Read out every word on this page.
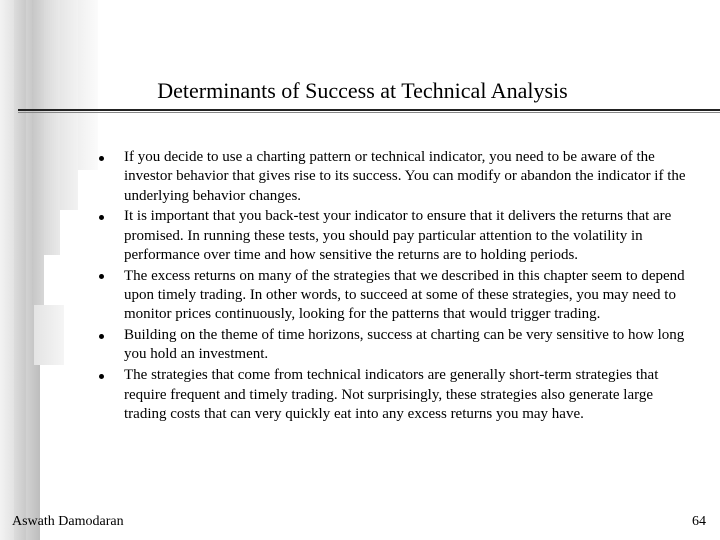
Determinants of Success at Technical Analysis
If you decide to use a charting pattern or technical indicator, you need to be aware of the investor behavior that gives rise to its success. You can modify or abandon the indicator if the underlying behavior changes.
It is important that you back-test your indicator to ensure that it delivers the returns that are promised. In running these tests, you should pay particular attention to the volatility in performance over time and how sensitive the returns are to holding periods.
The excess returns on many of the strategies that we described in this chapter seem to depend upon timely trading. In other words, to succeed at some of these strategies, you may need to monitor prices continuously, looking for the patterns that would trigger trading.
Building on the theme of time horizons, success at charting can be very sensitive to how long you hold an investment.
The strategies that come from technical indicators are generally short-term strategies that require frequent and timely trading. Not surprisingly, these strategies also generate large trading costs that can very quickly eat into any excess returns you may have.
Aswath Damodaran	64
